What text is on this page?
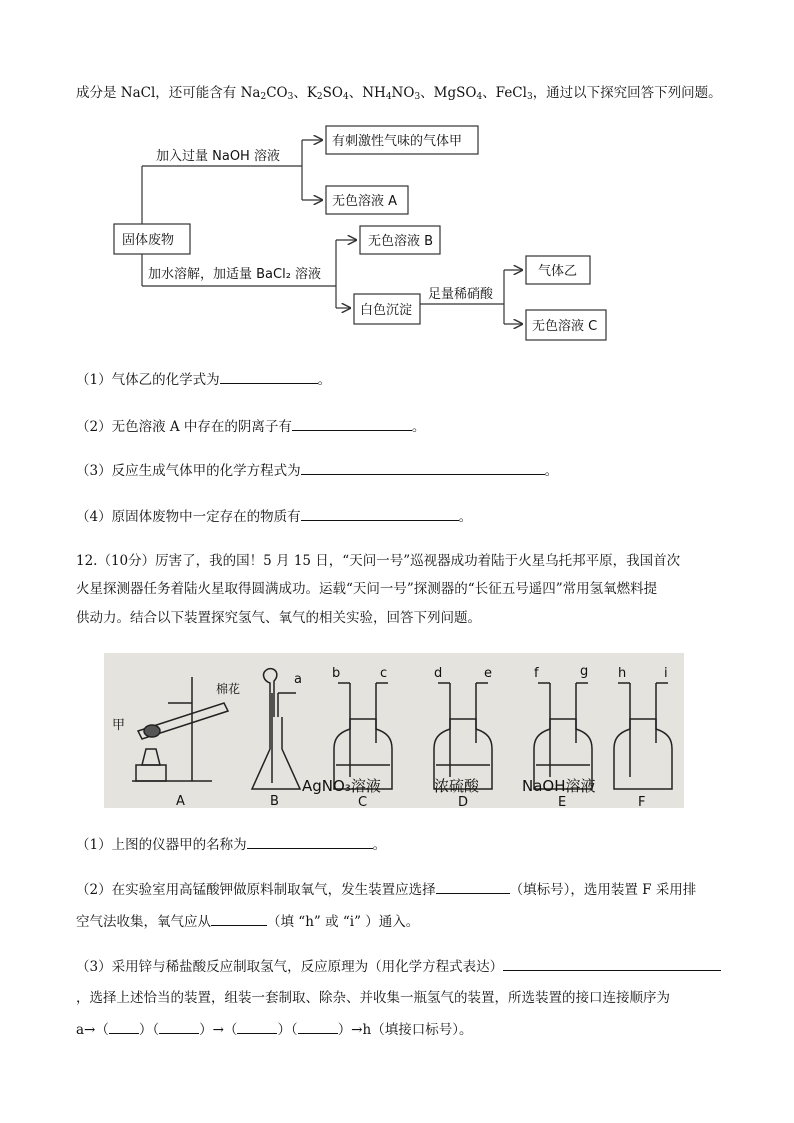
成分是 NaCl，还可能含有 $Na_2CO_3$、$K_2SO_4$、$NH_4NO_3$、MgSO$_4$、FeCl$_3$，通过以下探究回答下列问题。
固体废物
加入过量 NaOH 溶液
有刺激性气味的气体甲
无色溶液 A
加水溶解，加适量 BaCl₂ 溶液
无色溶液 B
白色沉淀
足量稀硝酸
气体乙
无色溶液 C
（1）气体乙的化学式为	。
（2）无色溶液 A 中存在的阴离子有	。
（3）反应生成气体甲的化学方程式为	。
（4）原固体废物中一定存在的物质有	。
12.（10分）厉害了，我的国！5 月 15 日，“天问一号”巡视器成功着陆于火星乌托邦平原，我国首次
火星探测器任务着陆火星取得圆满成功。运载“天问一号”探测器的“长征五号遥四”常用氢氧燃料提
供动力。结合以下装置探究氢气、氧气的相关实验，回答下列问题。
甲
棉花
a b	c	d	e	f	g h	i
AgNO₃溶液	浓硫酸	NaOH溶液
A	B	C	D	E	F
（1）上图的仪器甲的名称为	。
（2）在实验室用高锰酸钾做原料制取氧气，发生装置应选择	（填标号），选用装置 F 采用排
空气法收集，氧气应从	（填 “h” 或 “i” ）通入。
（3）采用锌与稀盐酸反应制取氢气，反应原理为（用化学方程式表达）
，选择上述恰当的装置，组装一套制取、除杂、并收集一瓶氢气的装置，所选装置的接口连接顺序为
a→（ ）（	）→（	）（	）→h（填接口标号）。
